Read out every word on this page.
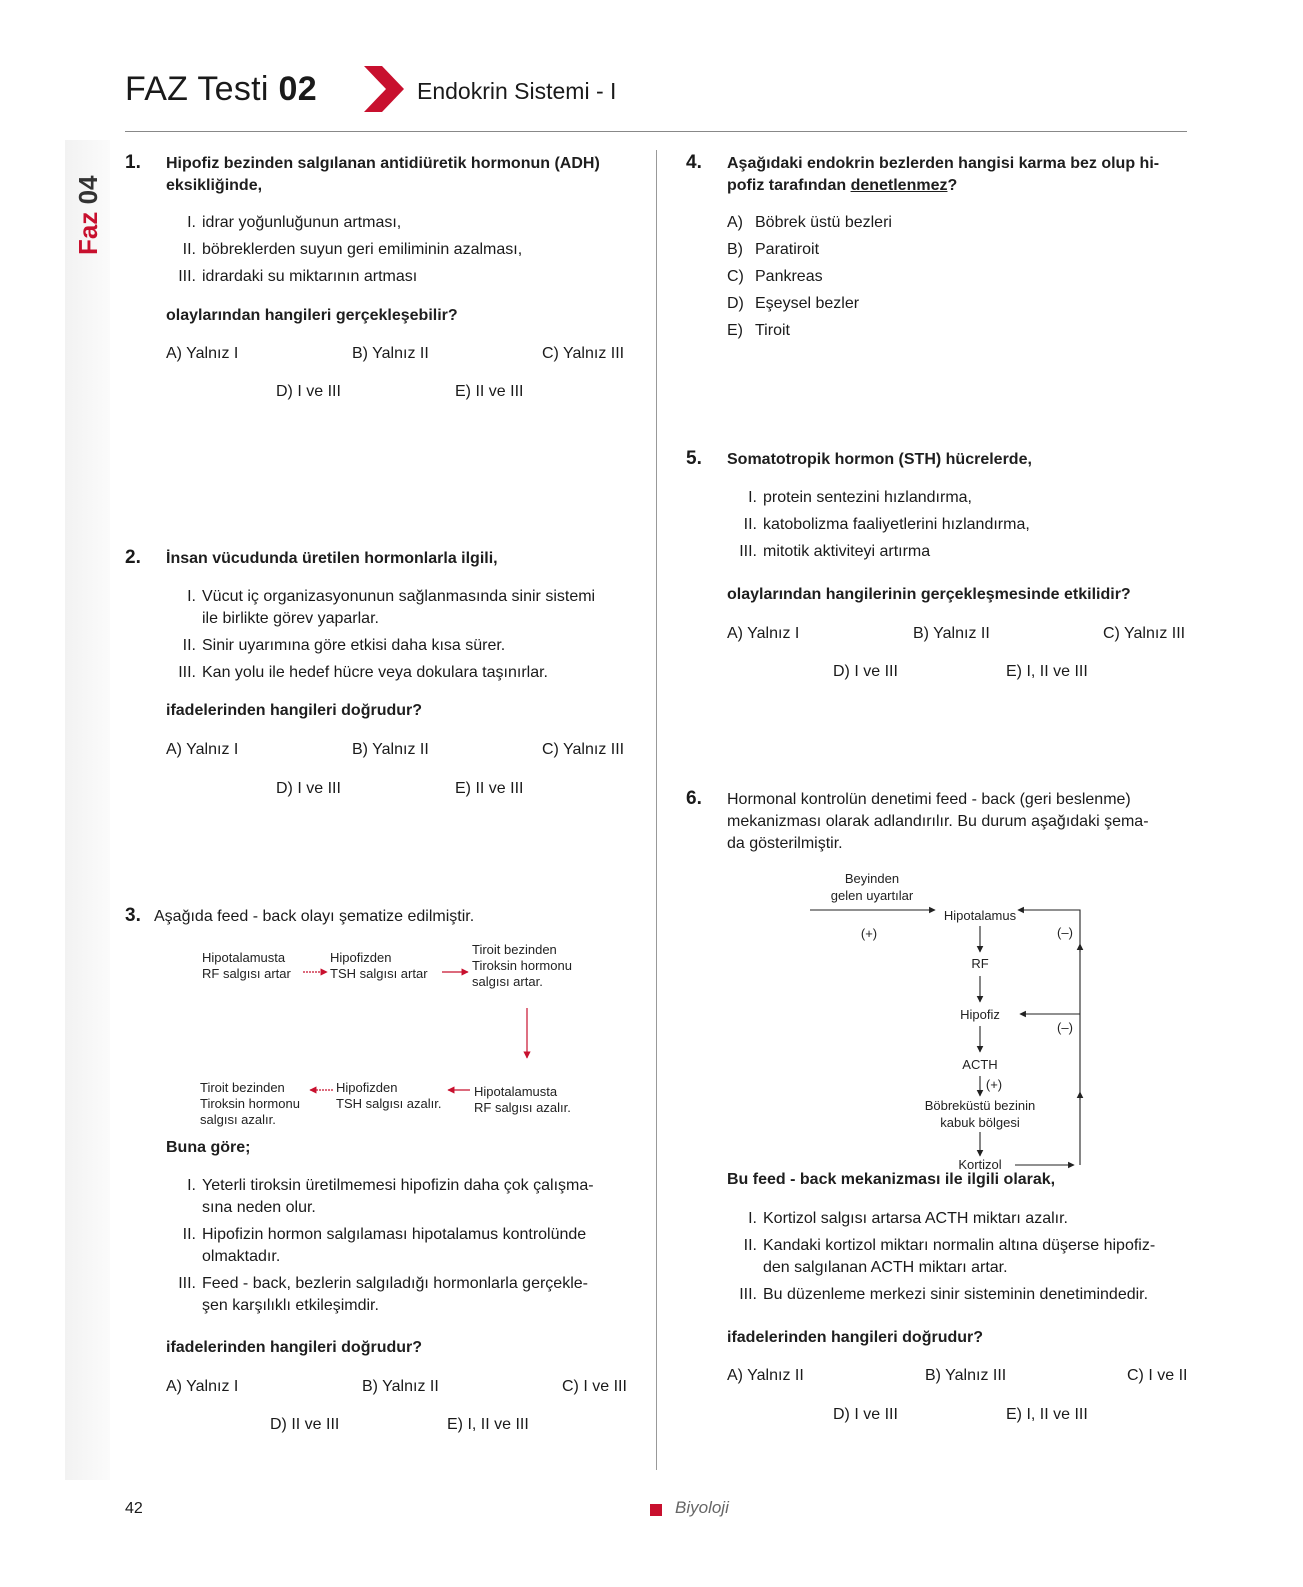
Faz 04
FAZ Testi 02	Endokrin Sistemi - I
1. Hipofiz bezinden salgılanan antidiüretik hormonun (ADH) eksikliğinde,
I. idrar yoğunluğunun artması,
II. böbreklerden suyun geri emiliminin azalması,
III. idrardaki su miktarının artması
olaylarından hangileri gerçekleşebilir?
A) Yalnız I	B) Yalnız II	C) Yalnız III
D) I ve III	E) II ve III
2. İnsan vücudunda üretilen hormonlarla ilgili,
I. Vücut iç organizasyonunun sağlanmasında sinir sistemi
ile birlikte görev yaparlar.
II. Sinir uyarımına göre etkisi daha kısa sürer.
III. Kan yolu ile hedef hücre veya dokulara taşınırlar.
ifadelerinden hangileri doğrudur?
A) Yalnız I	B) Yalnız II	C) Yalnız III
D) I ve III	E) II ve III
3. Aşağıda feed - back olayı şematize edilmiştir.
Hipotalamusta
RF salgısı artar
Hipofizden
TSH salgısı artar
Tiroit bezinden
Tiroksin hormonu
salgısı artar.
Hipotalamusta
RF salgısı azalır.
Hipofizden
TSH salgısı azalır.
Tiroit bezinden
Tiroksin hormonu
salgısı azalır.
Buna göre;
I. Yeterli tiroksin üretilmemesi hipofizin daha çok çalışma-
sına neden olur.
II. Hipofizin hormon salgılaması hipotalamus kontrolünde
olmaktadır.
III. Feed - back, bezlerin salgıladığı hormonlarla gerçekle-
şen karşılıklı etkileşimdir.
ifadelerinden hangileri doğrudur?
A) Yalnız I	B) Yalnız II	C) I ve III
D) II ve III	E) I, II ve III
4. Aşağıdaki endokrin bezlerden hangisi karma bez olup hi-
pofiz tarafından denetlenmez?
A) Böbrek üstü bezleri
B) Paratiroit
C) Pankreas
D) Eşeysel bezler
E) Tiroit
5. Somatotropik hormon (STH) hücrelerde,
I. protein sentezini hızlandırma,
II. katobolizma faaliyetlerini hızlandırma,
III. mitotik aktiviteyi artırma
olaylarından hangilerinin gerçekleşmesinde etkilidir?
A) Yalnız I	B) Yalnız II	C) Yalnız III
D) I ve III	E) I, II ve III
6. Hormonal kontrolün denetimi feed - back (geri beslenme)
mekanizması olarak adlandırılır. Bu durum aşağıdaki şema-
da gösterilmiştir.
Beyinden
gelen uyartılar
(+)
Hipotalamus
(–)
RF
Hipofiz
(–)
ACTH
(+)
Böbreküstü bezinin
kabuk bölgesi
Kortizol
Bu feed - back mekanizması ile ilgili olarak,
I. Kortizol salgısı artarsa ACTH miktarı azalır.
II. Kandaki kortizol miktarı normalin altına düşerse hipofiz-
den salgılanan ACTH miktarı artar.
III. Bu düzenleme merkezi sinir sisteminin denetimindedir.
ifadelerinden hangileri doğrudur?
A) Yalnız II	B) Yalnız III	C) I ve II
D) I ve III	E) I, II ve III
42	Biyoloji
